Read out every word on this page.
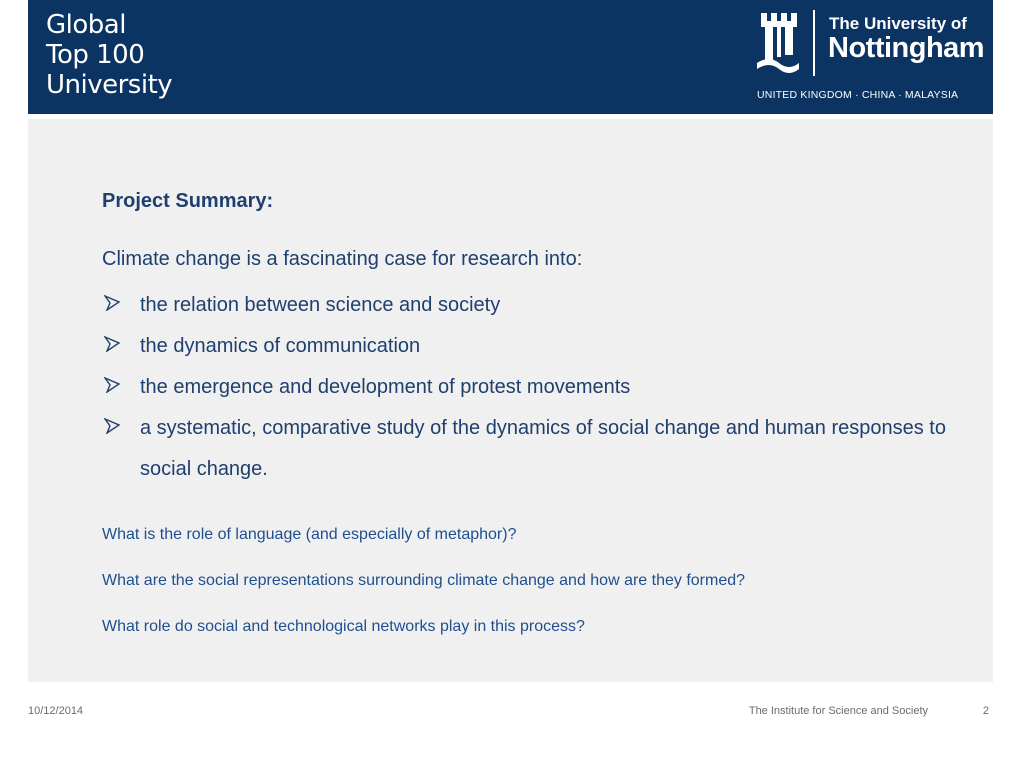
Global
Top 100
University
The University of
Nottingham
UNITED KINGDOM · CHINA · MALAYSIA
Project Summary:
Climate change is a fascinating case for research into:
the relation between science and society
the dynamics of communication
the emergence and development of protest movements
a systematic, comparative study of the dynamics of social change and human responses to social change.
What is the role of language (and especially of metaphor)?
What are the social representations surrounding climate change and how are they formed?
What role do social and technological networks play in this process?
10/12/2014	The Institute for Science and Society	2
